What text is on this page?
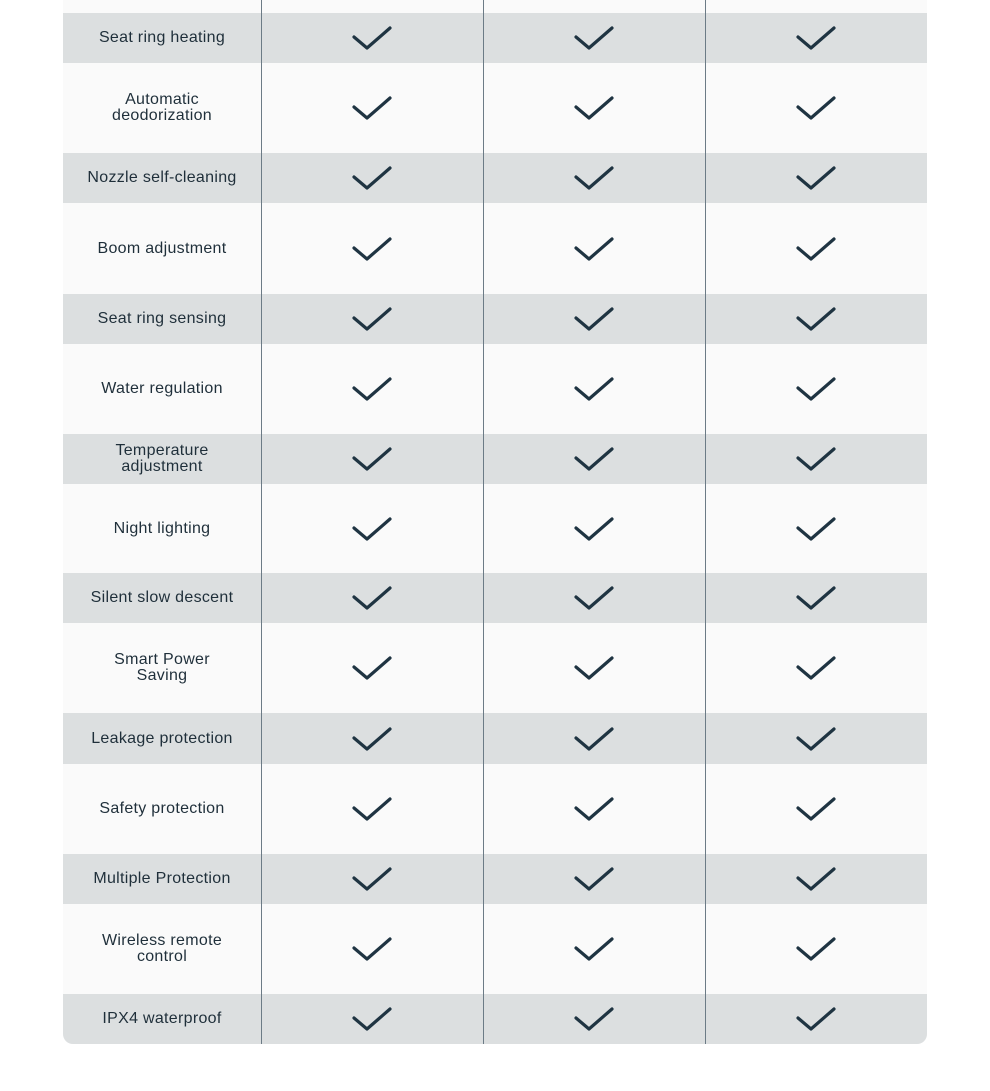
Seat ring heating
Automatic deodorization
Nozzle self-cleaning
Boom adjustment
Seat ring sensing
Water regulation
Temperature adjustment
Night lighting
Silent slow descent
Smart Power Saving
Leakage protection
Safety protection
Multiple Protection
Wireless remote control
IPX4 waterproof
